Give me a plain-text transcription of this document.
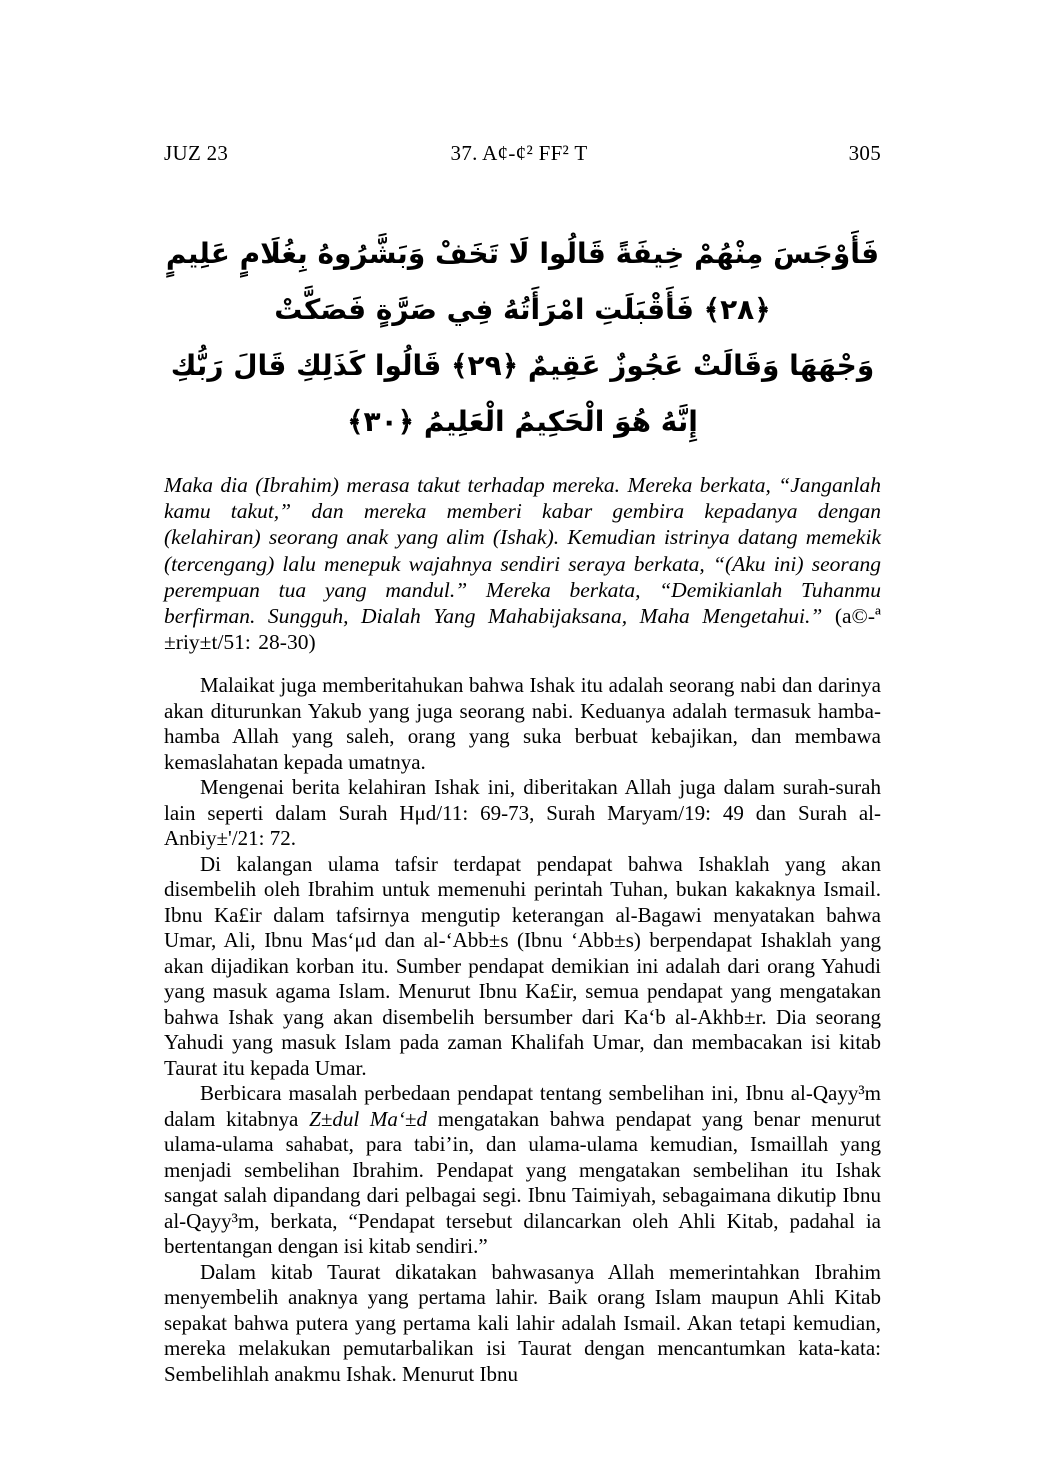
JUZ 23	37. A¢-¢² FF² T	305
فَأَوْجَسَ مِنْهُمْ خِيفَةً قَالُوا لَا تَخَفْ وَبَشَّرُوهُ بِغُلَامٍ عَلِيمٍ ﴿٢٨﴾ فَأَقْبَلَتِ امْرَأَتُهُ فِي صَرَّةٍ فَصَكَّتْ
وَجْهَهَا وَقَالَتْ عَجُوزٌ عَقِيمٌ ﴿٢٩﴾ قَالُوا كَذَلِكِ قَالَ رَبُّكِ إِنَّهُ هُوَ الْحَكِيمُ الْعَلِيمُ ﴿٣٠﴾

Maka dia (Ibrahim) merasa takut terhadap mereka. Mereka berkata, “Janganlah kamu takut,” dan mereka memberi kabar gembira kepadanya dengan (kelahiran) seorang anak yang alim (Ishak). Kemudian istrinya datang memekik (tercengang) lalu menepuk wajahnya sendiri seraya berkata, “(Aku ini) seorang perempuan tua yang mandul.” Mereka berkata, “Demikianlah Tuhanmu berfirman. Sungguh, Dialah Yang Mahabijaksana, Maha Mengetahui.” (a©-ª ±riy±t/51: 28-30)

Malaikat juga memberitahukan bahwa Ishak itu adalah seorang nabi dan darinya akan diturunkan Yakub yang juga seorang nabi. Keduanya adalah termasuk hamba-hamba Allah yang saleh, orang yang suka berbuat kebajikan, dan membawa kemaslahatan kepada umatnya.

Mengenai berita kelahiran Ishak ini, diberitakan Allah juga dalam surah-surah lain seperti dalam Surah Hμd/11: 69-73, Surah Maryam/19: 49 dan Surah al-Anbiy±'/21: 72.

Di kalangan ulama tafsir terdapat pendapat bahwa Ishaklah yang akan disembelih oleh Ibrahim untuk memenuhi perintah Tuhan, bukan kakaknya Ismail. Ibnu Ka£ir dalam tafsirnya mengutip keterangan al-Bagawi menyatakan bahwa Umar, Ali, Ibnu Mas‘μd dan al-‘Abb±s (Ibnu ‘Abb±s) berpendapat Ishaklah yang akan dijadikan korban itu. Sumber pendapat demikian ini adalah dari orang Yahudi yang masuk agama Islam. Menurut Ibnu Ka£ir, semua pendapat yang mengatakan bahwa Ishak yang akan disembelih bersumber dari Ka‘b al-Akhb±r. Dia seorang Yahudi yang masuk Islam pada zaman Khalifah Umar, dan membacakan isi kitab Taurat itu kepada Umar.

Berbicara masalah perbedaan pendapat tentang sembelihan ini, Ibnu al-Qayy³m dalam kitabnya Z±dul Ma‘±d mengatakan bahwa pendapat yang benar menurut ulama-ulama sahabat, para tabi’in, dan ulama-ulama kemudian, Ismaillah yang menjadi sembelihan Ibrahim. Pendapat yang mengatakan sembelihan itu Ishak sangat salah dipandang dari pelbagai segi. Ibnu Taimiyah, sebagaimana dikutip Ibnu al-Qayy³m, berkata, “Pendapat tersebut dilancarkan oleh Ahli Kitab, padahal ia bertentangan dengan isi kitab sendiri.”

Dalam kitab Taurat dikatakan bahwasanya Allah memerintahkan Ibrahim menyembelih anaknya yang pertama lahir. Baik orang Islam maupun Ahli Kitab sepakat bahwa putera yang pertama kali lahir adalah Ismail. Akan tetapi kemudian, mereka melakukan pemutarbalikan isi Taurat dengan mencantumkan kata-kata: Sembelihlah anakmu Ishak. Menurut Ibnu
